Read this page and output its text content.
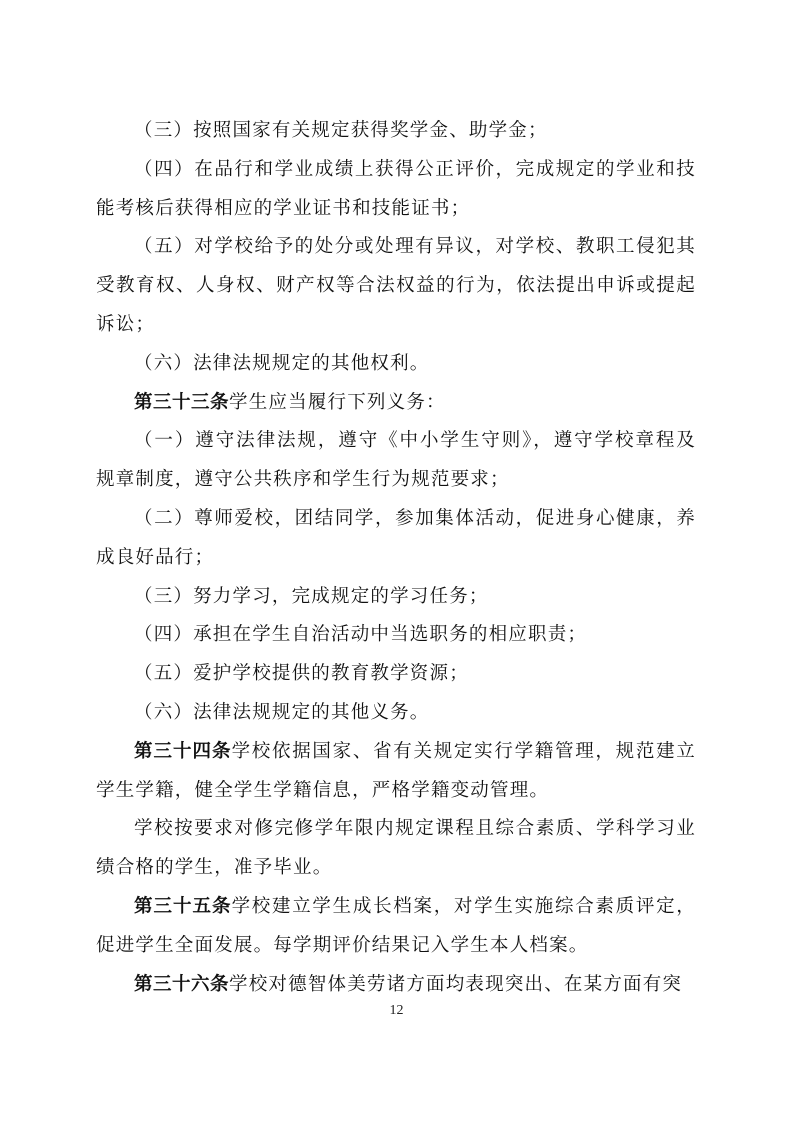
（三）按照国家有关规定获得奖学金、助学金；

（四）在品行和学业成绩上获得公正评价，完成规定的学业和技能考核后获得相应的学业证书和技能证书；

（五）对学校给予的处分或处理有异议，对学校、教职工侵犯其受教育权、人身权、财产权等合法权益的行为，依法提出申诉或提起诉讼；

（六）法律法规规定的其他权利。

第三十三条学生应当履行下列义务：

（一）遵守法律法规，遵守《中小学生守则》，遵守学校章程及规章制度，遵守公共秩序和学生行为规范要求；

（二）尊师爱校，团结同学，参加集体活动，促进身心健康，养成良好品行；

（三）努力学习，完成规定的学习任务；

（四）承担在学生自治活动中当选职务的相应职责；

（五）爱护学校提供的教育教学资源；

（六）法律法规规定的其他义务。

第三十四条学校依据国家、省有关规定实行学籍管理，规范建立学生学籍，健全学生学籍信息，严格学籍变动管理。

学校按要求对修完修学年限内规定课程且综合素质、学科学习业绩合格的学生，准予毕业。

第三十五条学校建立学生成长档案，对学生实施综合素质评定，促进学生全面发展。每学期评价结果记入学生本人档案。

第三十六条学校对德智体美劳诸方面均表现突出、在某方面有突

12
